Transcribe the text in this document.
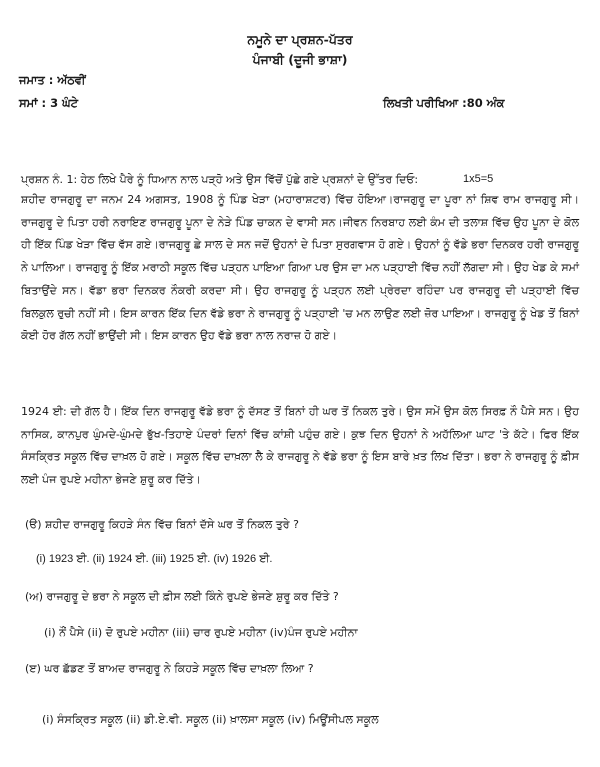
ਨਮੂਨੇ ਦਾ ਪ੍ਰਸ਼ਨ-ਪੱਤਰ
ਪੰਜਾਬੀ (ਦੂਜੀ ਭਾਸ਼ਾ)
ਜਮਾਤ : ਅੱਠਵੀਂ
ਸਮਾਂ : 3 ਘੰਟੇ	ਲਿਖਤੀ ਪਰੀਖਿਆ :80 ਅੰਕ
ਪ੍ਰਸ਼ਨ ਨੰ. 1: ਹੇਠ ਲਿਖੇ ਪੈਰੇ ਨੂੰ ਧਿਆਨ ਨਾਲ ਪੜ੍ਹੋ ਅਤੇ ਉਸ ਵਿੱਚੋਂ ਪੁੱਛੇ ਗਏ ਪ੍ਰਸ਼ਨਾਂ ਦੇ ਉੱਤਰ ਦਿਓ:	1x5=5
ਸ਼ਹੀਦ ਰਾਜਗੁਰੂ ਦਾ ਜਨਮ 24 ਅਗਸਤ, 1908 ਨੂੰ ਪਿੰਡ ਖੇੜਾ (ਮਹਾਰਾਸ਼ਟਰ) ਵਿੱਚ ਹੋਇਆ।ਰਾਜਗੁਰੂ ਦਾ ਪੂਰਾ ਨਾਂ ਸ਼ਿਵ ਰਾਮ ਰਾਜਗੁਰੂ ਸੀ। ਰਾਜਗੁਰੂ ਦੇ ਪਿਤਾ ਹਰੀ ਨਰਾਇਣ ਰਾਜਗੁਰੂ ਪੂਨਾ ਦੇ ਨੇੜੇ ਪਿੰਡ ਚਾਕਨ ਦੇ ਵਾਸੀ ਸਨ।ਜੀਵਨ ਨਿਰਬਾਹ ਲਈ ਕੰਮ ਦੀ ਤਲਾਸ਼ ਵਿੱਚ ਉਹ ਪੂਨਾ ਦੇ ਕੋਲ ਹੀ ਇੱਕ ਪਿੰਡ ਖੇੜਾ ਵਿੱਚ ਵੱਸ ਗਏ।ਰਾਜਗੁਰੂ ਛੇ ਸਾਲ ਦੇ ਸਨ ਜਦੋਂ ਉਹਨਾਂ ਦੇ ਪਿਤਾ ਸੁਰਗਵਾਸ ਹੋ ਗਏ। ਉਹਨਾਂ ਨੂੰ ਵੱਡੇ ਭਰਾ ਦਿਨਕਰ ਹਰੀ ਰਾਜਗੁਰੂ ਨੇ ਪਾਲਿਆ। ਰਾਜਗੁਰੂ ਨੂੰ ਇੱਕ ਮਰਾਠੀ ਸਕੂਲ ਵਿੱਚ ਪੜ੍ਹਨ ਪਾਇਆ ਗਿਆ ਪਰ ਉਸ ਦਾ ਮਨ ਪੜ੍ਹਾਈ ਵਿੱਚ ਨਹੀਂ ਲੱਗਦਾ ਸੀ। ਉਹ ਖੇਡ ਕੇ ਸਮਾਂ ਬਿਤਾਉਂਦੇ ਸਨ। ਵੱਡਾ ਭਰਾ ਦਿਨਕਰ ਨੌਕਰੀ ਕਰਦਾ ਸੀ। ਉਹ ਰਾਜਗੁਰੂ ਨੂੰ ਪੜ੍ਹਨ ਲਈ ਪ੍ਰੇਰਦਾ ਰਹਿੰਦਾ ਪਰ ਰਾਜਗੁਰੂ ਦੀ ਪੜ੍ਹਾਈ ਵਿੱਚ ਬਿਲਕੁਲ ਰੁਚੀ ਨਹੀਂ ਸੀ। ਇਸ ਕਾਰਨ ਇੱਕ ਦਿਨ ਵੱਡੇ ਭਰਾ ਨੇ ਰਾਜਗੁਰੂ ਨੂੰ ਪੜ੍ਹਾਈ 'ਚ ਮਨ ਲਾਉਣ ਲਈ ਜ਼ੋਰ ਪਾਇਆ। ਰਾਜਗੁਰੂ ਨੂੰ ਖੇਡ ਤੋਂ ਬਿਨਾਂ ਕੋਈ ਹੋਰ ਗੱਲ ਨਹੀਂ ਭਾਉਂਦੀ ਸੀ। ਇਸ ਕਾਰਨ ਉਹ ਵੱਡੇ ਭਰਾ ਨਾਲ ਨਰਾਜ਼ ਹੋ ਗਏ।
1924 ਈ: ਦੀ ਗੱਲ ਹੈ। ਇੱਕ ਦਿਨ ਰਾਜਗੁਰੂ ਵੱਡੇ ਭਰਾ ਨੂੰ ਦੱਸਣ ਤੋਂ ਬਿਨਾਂ ਹੀ ਘਰ ਤੋਂ ਨਿਕਲ ਤੁਰੇ। ਉਸ ਸਮੇਂ ਉਸ ਕੋਲ ਸਿਰਫ਼ ਨੌ ਪੈਸੇ ਸਨ। ਉਹ ਨਾਸਿਕ, ਕਾਨਪੁਰ ਘੁੰਮਦੇ-ਘੁੰਮਦੇ ਭੁੱਖ-ਤਿਹਾਏ ਪੰਦਰਾਂ ਦਿਨਾਂ ਵਿੱਚ ਕਾਂਸ਼ੀ ਪਹੁੰਚ ਗਏ। ਕੁਝ ਦਿਨ ਉਹਨਾਂ ਨੇ ਅਹੱਲਿਆ ਘਾਟ 'ਤੇ ਕੱਟੇ। ਫਿਰ ਇੱਕ ਸੰਸਕ੍ਰਿਤ ਸਕੂਲ ਵਿੱਚ ਦਾਖ਼ਲ ਹੋ ਗਏ। ਸਕੂਲ ਵਿੱਚ ਦਾਖ਼ਲਾ ਲੈ ਕੇ ਰਾਜਗੁਰੂ ਨੇ ਵੱਡੇ ਭਰਾ ਨੂੰ ਇਸ ਬਾਰੇ ਖ਼ਤ ਲਿਖ ਦਿੱਤਾ। ਭਰਾ ਨੇ ਰਾਜਗੁਰੂ ਨੂੰ ਫ਼ੀਸ ਲਈ ਪੰਜ ਰੁਪਏ ਮਹੀਨਾ ਭੇਜਣੇ ਸ਼ੁਰੂ ਕਰ ਦਿੱਤੇ।
(ੳ) ਸ਼ਹੀਦ ਰਾਜਗੁਰੂ ਕਿਹੜੇ ਸੰਨ ਵਿੱਚ ਬਿਨਾਂ ਦੱਸੇ ਘਰ ਤੋਂ ਨਿਕਲ ਤੁਰੇ ?
(i) 1923 ਈ. (ii) 1924 ਈ. (iii) 1925 ਈ. (iv) 1926 ਈ.
(ਅ) ਰਾਜਗੁਰੂ ਦੇ ਭਰਾ ਨੇ ਸਕੂਲ ਦੀ ਫ਼ੀਸ ਲਈ ਕਿੰਨੇ ਰੁਪਏ ਭੇਜਣੇ ਸ਼ੁਰੂ ਕਰ ਦਿੱਤੇ ?
(i) ਨੌਂ ਪੈਸੇ (ii) ਦੋ ਰੁਪਏ ਮਹੀਨਾ (iii) ਚਾਰ ਰੁਪਏ ਮਹੀਨਾ (iv)ਪੰਜ ਰੁਪਏ ਮਹੀਨਾ
(ੲ) ਘਰ ਛੱਡਣ ਤੋਂ ਬਾਅਦ ਰਾਜਗੁਰੂ ਨੇ ਕਿਹੜੇ ਸਕੂਲ ਵਿੱਚ ਦਾਖ਼ਲਾ ਲਿਆ ?
(i) ਸੰਸਕ੍ਰਿਤ ਸਕੂਲ (ii) ਡੀ.ਏ.ਵੀ. ਸਕੂਲ (ii) ਖ਼ਾਲਸਾ ਸਕੂਲ (iv) ਮਿਊਂਸੀਪਲ ਸਕੂਲ
